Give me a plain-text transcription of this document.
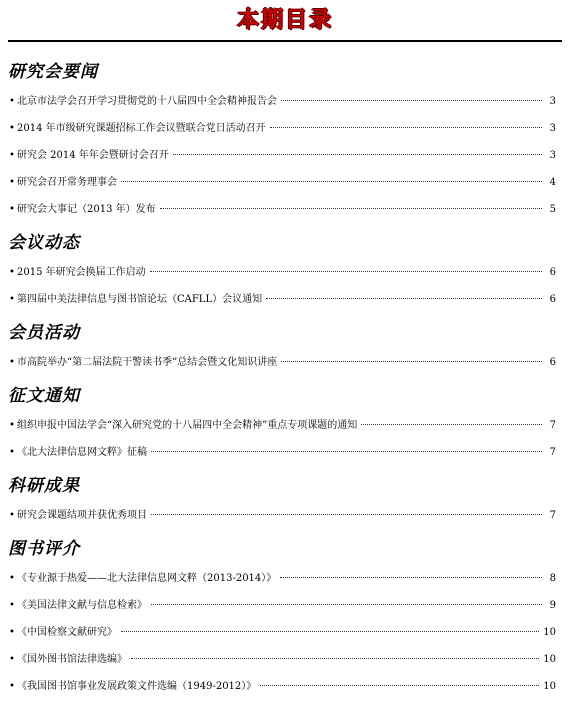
本期目录
研究会要闻
• 北京市法学会召开学习贯彻党的十八届四中全会精神报告会	3
• 2014 年市级研究课题招标工作会议暨联合党日活动召开	3
• 研究会 2014 年年会暨研讨会召开	3
• 研究会召开常务理事会	4
• 研究会大事记（2013 年）发布	5
会议动态
• 2015 年研究会换届工作启动	6
• 第四届中美法律信息与图书馆论坛（CAFLL）会议通知	6
会员活动
• 市高院举办“第二届法院干警读书季”总结会暨文化知识讲座	6
征文通知
• 组织申报中国法学会“深入研究党的十八届四中全会精神”重点专项课题的通知	7
• 《北大法律信息网文粹》征稿	7
科研成果
• 研究会课题结项并获优秀项目	7
图书评介
• 《专业源于热爱——北大法律信息网文粹（2013-2014）》	8
• 《美国法律文献与信息检索》	9
• 《中国检察文献研究》	10
• 《国外图书馆法律选编》	10
• 《我国图书馆事业发展政策文件选编（1949-2012）》	10
